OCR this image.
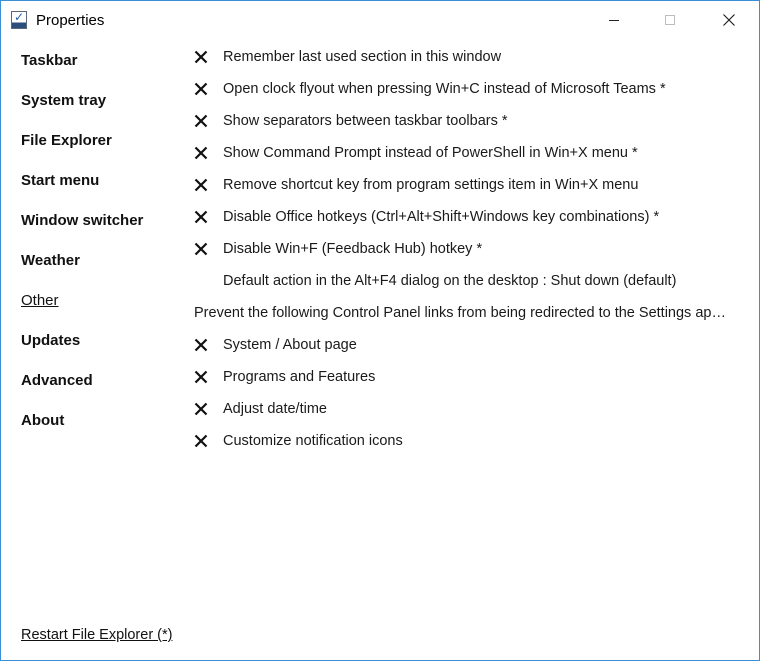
✓ Properties
Taskbar
System tray
File Explorer
Start menu
Window switcher
Weather
Other
Updates
Advanced
About
Remember last used section in this window
Open clock flyout when pressing Win+C instead of Microsoft Teams *
Show separators between taskbar toolbars *
Show Command Prompt instead of PowerShell in Win+X menu *
Remove shortcut key from program settings item in Win+X menu
Disable Office hotkeys (Ctrl+Alt+Shift+Windows key combinations) *
Disable Win+F (Feedback Hub) hotkey *
Default action in the Alt+F4 dialog on the desktop : Shut down (default)
Prevent the following Control Panel links from being redirected to the Settings ap…
System / About page
Programs and Features
Adjust date/time
Customize notification icons
Restart File Explorer (*)
